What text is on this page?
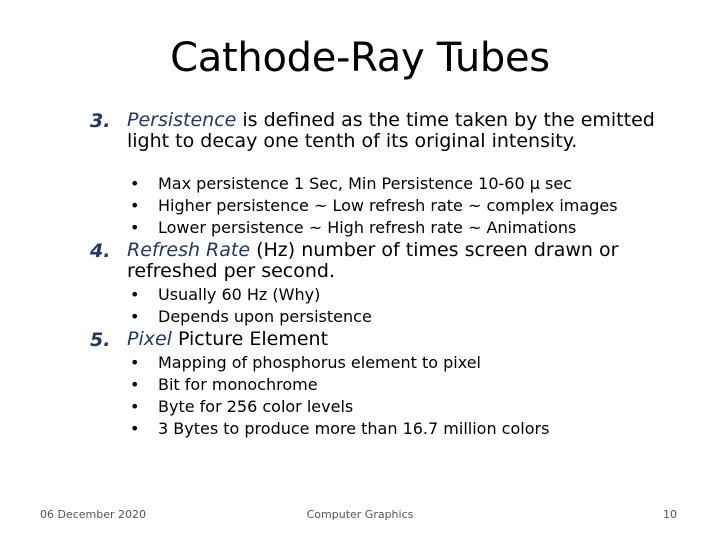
Cathode-Ray Tubes
3. Persistence is defined as the time taken by the emitted light to decay one tenth of its original intensity.
• Max persistence 1 Sec, Min Persistence 10-60 μ sec
• Higher persistence ~ Low refresh rate ~ complex images
• Lower persistence ~ High refresh rate ~ Animations
4. Refresh Rate (Hz) number of times screen drawn or refreshed per second.
• Usually 60 Hz (Why)
• Depends upon persistence
5. Pixel Picture Element
• Mapping of phosphorus element to pixel
• Bit for monochrome
• Byte for 256 color levels
• 3 Bytes to produce more than 16.7 million colors
06 December 2020	Computer Graphics	10
